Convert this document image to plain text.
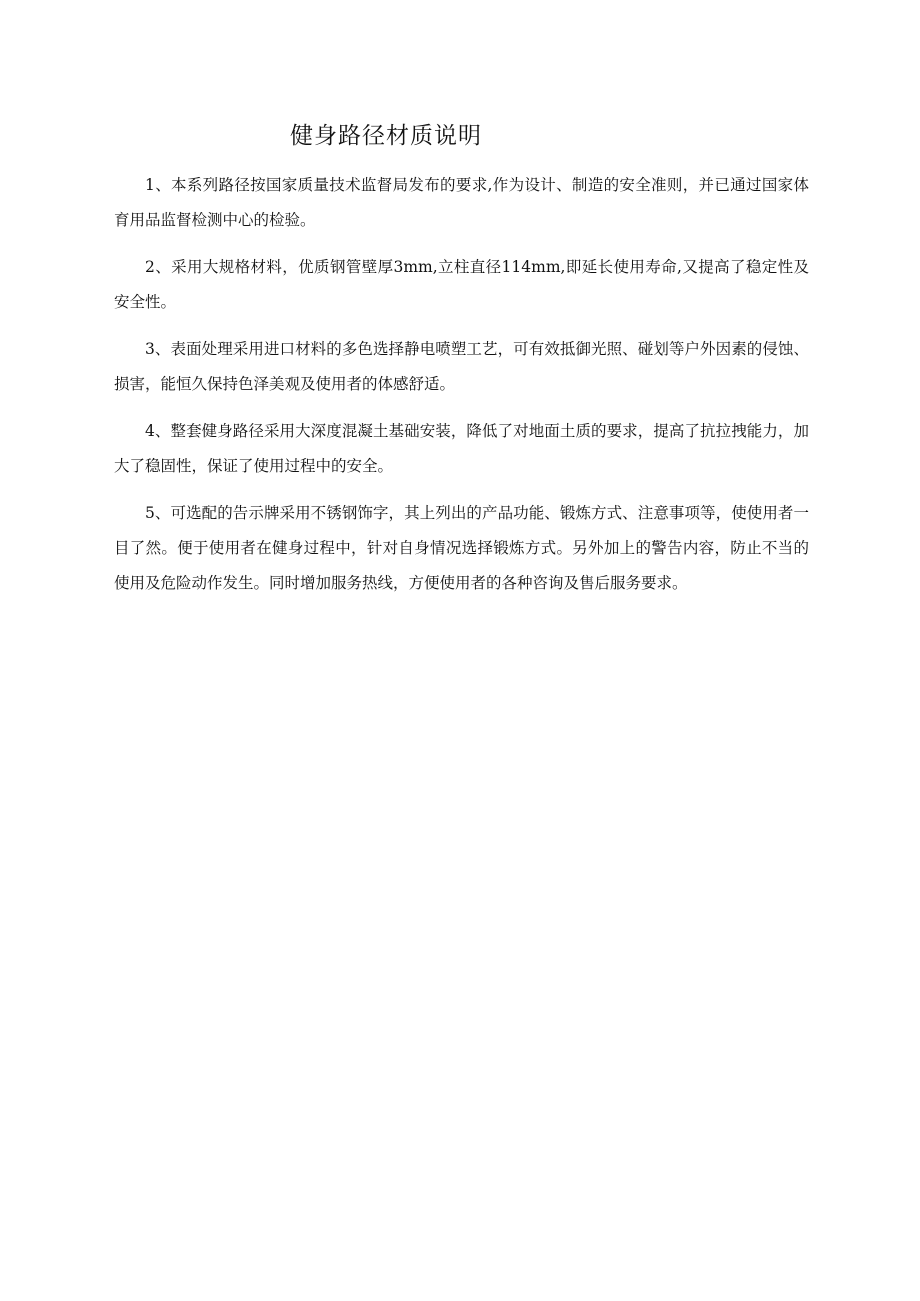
健身路径材质说明

1、本系列路径按国家质量技术监督局发布的要求,作为设计、制造的安全准则，并已通过国家体育用品监督检测中心的检验。

2、采用大规格材料，优质钢管壁厚3mm,立柱直径114mm,即延长使用寿命,又提高了稳定性及安全性。

3、表面处理采用进口材料的多色选择静电喷塑工艺，可有效抵御光照、碰划等户外因素的侵蚀、损害，能恒久保持色泽美观及使用者的体感舒适。

4、整套健身路径采用大深度混凝土基础安装，降低了对地面土质的要求，提高了抗拉拽能力，加大了稳固性，保证了使用过程中的安全。

5、可选配的告示牌采用不锈钢饰字，其上列出的产品功能、锻炼方式、注意事项等，使使用者一目了然。便于使用者在健身过程中，针对自身情况选择锻炼方式。另外加上的警告内容，防止不当的使用及危险动作发生。同时增加服务热线，方便使用者的各种咨询及售后服务要求。
